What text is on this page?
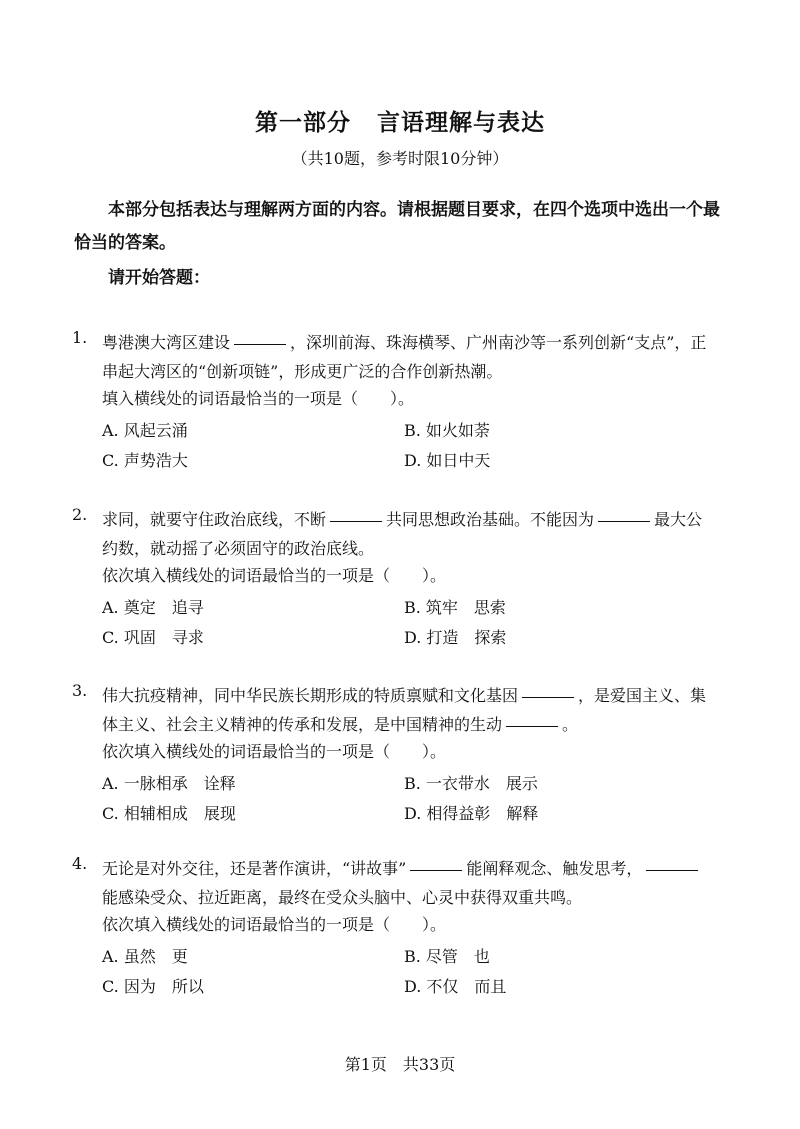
第一部分 言语理解与表达
（共10题，参考时限10分钟）
本部分包括表达与理解两方面的内容。请根据题目要求，在四个选项中选出一个最恰当的答案。
请开始答题：
1. 粤港澳大湾区建设	，深圳前海、珠海横琴、广州南沙等一系列创新“支点”，正串起大湾区的“创新项链”，形成更广泛的合作创新热潮。
填入横线处的词语最恰当的一项是（　　）。
A. 风起云涌	B. 如火如荼
C. 声势浩大	D. 如日中天
2. 求同，就要守住政治底线，不断	共同思想政治基础。不能因为	最大公约数，就动摇了必须固守的政治底线。
依次填入横线处的词语最恰当的一项是（　　）。
A. 奠定　追寻	B. 筑牢　思索
C. 巩固　寻求	D. 打造　探索
3. 伟大抗疫精神，同中华民族长期形成的特质禀赋和文化基因	，是爱国主义、集体主义、社会主义精神的传承和发展，是中国精神的生动	。
依次填入横线处的词语最恰当的一项是（　　）。
A. 一脉相承　诠释	B. 一衣带水　展示
C. 相辅相成　展现	D. 相得益彰　解释
4. 无论是对外交往，还是著作演讲，“讲故事”	能阐释观念、触发思考，能感染受众、拉近距离，最终在受众头脑中、心灵中获得双重共鸣。
依次填入横线处的词语最恰当的一项是（　　）。
A. 虽然　更	B. 尽管　也
C. 因为　所以	D. 不仅　而且
第1页　共33页
